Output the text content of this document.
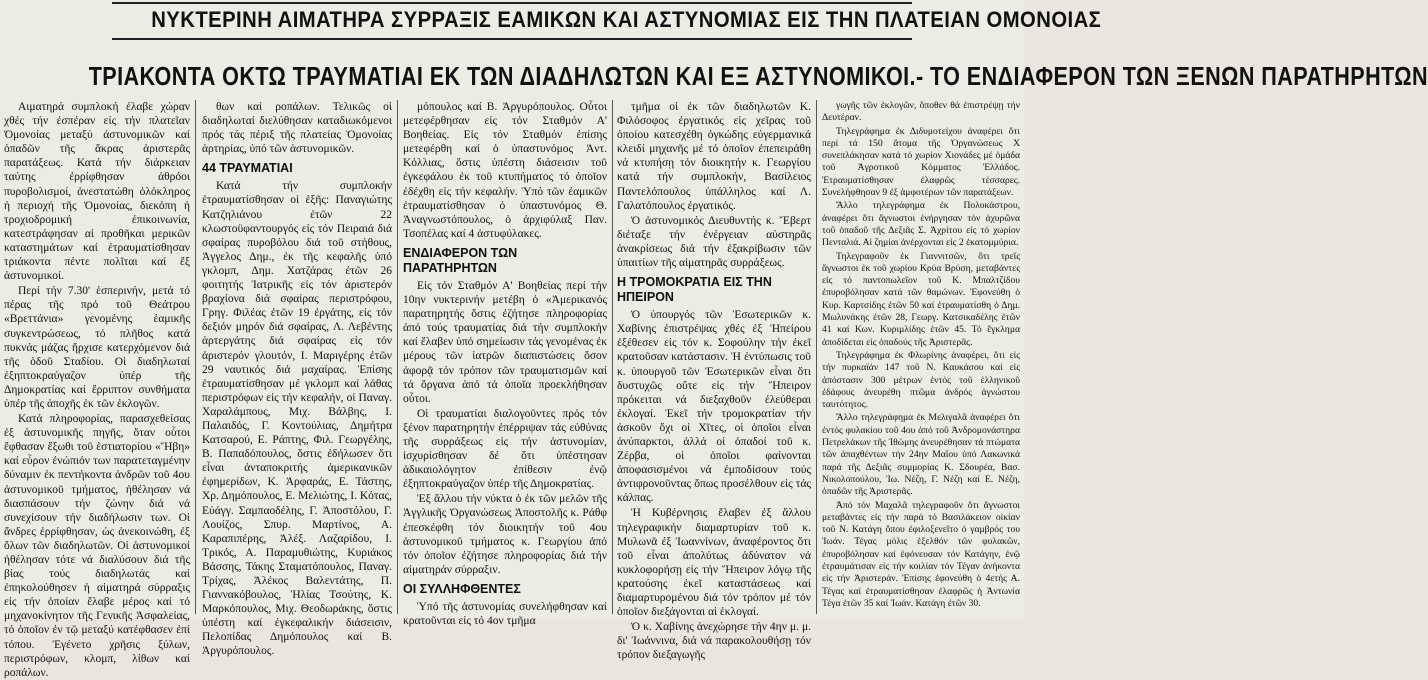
ΝΥΚΤΕΡΙΝΗ ΑΙΜΑΤΗΡΑ ΣΥΡΡΑΞΙΣ ΕΑΜΙΚΩΝ ΚΑΙ ΑΣΤΥΝΟΜΙΑΣ ΕΙΣ ΤΗΝ ΠΛΑΤΕΙΑΝ ΟΜΟΝΟΙΑΣ
ΤΡΙΑΚΟΝΤΑ ΟΚΤΩ ΤΡΑΥΜΑΤΙΑΙ ΕΚ ΤΩΝ ΔΙΑΔΗΛΩΤΩΝ ΚΑΙ ΕΞ ΑΣΤΥΝΟΜΙΚΟΙ.- ΤΟ ΕΝΔΙΑΦΕΡΟΝ ΤΩΝ ΞΕΝΩΝ ΠΑΡΑΤΗΡΗΤΩΝ

Αιματηρά συμπλοκή έλαβε χώραν χθές τήν έσπέραν είς τήν πλατεῖαν Ὁμονοίας μεταξύ ἀστυνομικῶν καί ὁπαδῶν τῆς ἄκρας ἀριστερᾶς παρατάξεως. Κατά τήν διάρκειαν ταύτης ἐρρίφθησαν ἀθρόοι πυροβολισμοί, ἀνεστατώθη ὁλόκληρος ἡ περιοχή τῆς Ὁμονοίας, διεκόπη ἡ τροχιοδρομική ἐπικοινωνία, κατεστράφησαν αἱ προθῆκαι μερικῶν καταστημάτων καί ἐτραυματίσθησαν τριάκοντα πέντε πολῖται καί ἕξ ἀστυνομικοί.

Περί τήν 7.30' ἑσπερινήν, μετά τό πέρας τῆς πρό τοῦ Θεάτρου «Βρεττάνια» γενομένης ἐαμικῆς συγκεντρώσεως, τό πλῆθος κατά πυκνάς μάζας ἤρχισε κατερχόμενον διά τῆς ὁδοῦ Σταδίου. Οἱ διαδηλωταί ἐξηπτοκραύγαζον ὑπέρ τῆς Δημοκρατίας καί ἔρριπτον συνθήματα ὑπέρ τῆς ἀποχῆς ἐκ τῶν ἐκλογῶν.

Κατά πληροφορίας, παρασχεθείσας ἐξ ἀστυνομικῆς πηγῆς, ὅταν οὗτοι ἔφθασαν ἔξωθι τοῦ ἑστιατορίου «Ἥβη» καί εὗρον ἐνώπιόν των παρατεταγμένην δύναμιν ἐκ πεντήκοντα ἀνδρῶν τοῦ 4ου ἀστυνομικοῦ τμήματος, ἠθέλησαν νά διασπάσουν τήν ζώνην διά νά συνεχίσουν τήν διαδήλωσιν των. Οἱ ἄνδρες ἐρρίφθησαν, ὡς ἀνεκοινώθη, ἐξ ὅλων τῶν διαδηλωτῶν. Οἱ ἀστυνομικοί ἠθέλησαν τότε νά διαλύσουν διά τῆς βίας τούς διαδηλωτάς καί ἐπηκολούθησεν ἡ αἱματηρά σύρραξις εἰς τήν ὁποίαν ἔλαβε μέρος καί τό μηχανοκίνητον τῆς Γενικῆς Ἀσφαλείας, τό ὁποῖον ἐν τῷ μεταξύ κατέφθασεν ἐπί τόπου. Ἐγένετο χρῆσις ξύλων, περιστρόφων, κλομπ, λίθων καί ροπάλων.

θων καί ροπάλων. Τελικῶς οἱ διαδηλωταί διελύθησαν καταδιωκόμενοι πρός τάς πέριξ τῆς πλατείας Ὁμονοίας ἀρτηρίας, ὑπό τῶν ἀστυνομικῶν.

44 ΤΡΑΥΜΑΤΙΑΙ

Κατά τήν συμπλοκήν ἐτραυματίσθησαν οἱ ἑξῆς: Παναγιώτης Κατζηλιάνου ἐτῶν 22 κλωστοϋφαντουργός εἰς τόν Πειραιά διά σφαίρας πυροβόλου διά τοῦ στήθους, Ἀγγελος Δημ., ἐκ τῆς κεφαλῆς ὑπό γκλομπ, Δημ. Χατζάρας ἐτῶν 26 φοιτητής Ἰατρικῆς εἰς τόν ἀριστερόν βραχίονα διά σφαίρας περιστρόφου, Γρηγ. Φιλέας ἐτῶν 19 ἐργάτης, εἰς τόν δεξιόν μηρόν διά σφαίρας, Λ. Λεβέντης ἀρτεργάτης διά σφαίρας εἰς τόν ἀριστερόν γλουτόν, Ι. Μαριγέρης ἐτῶν 29 ναυτικός διά μαχαίρας. Ἐπίσης ἐτραυματίσθησαν μέ γκλομπ καί λάθας περιστρόφων εἰς τήν κεφαλήν, οἱ Παναγ. Χαραλάμπους, Μιχ. Βάλβης, Ι. Παλαιδός, Γ. Κοντούλιας, Δημήτρα Κατσαρού, Ε. Ράπτης, Φιλ. Γεωργέλης, Β. Παπαδόπουλος, ὅστις ἐδήλωσεν ὅτι εἶναι ἀνταποκριτής ἀμερικανικῶν ἐφημερίδων, Κ. Ἀρφαράς, Ε. Τάστης, Χρ. Δημόπουλος, Ε. Μελιώτης, Ι. Κότας, Εὐάγγ. Σαμπαοδέλης, Γ. Ἀποστόλου, Γ. Λουίζος, Σπυρ. Μαρτίνος, Α. Καραπιπέρης, Ἀλέξ. Λαζαρίδου, Ι. Τρικός, Α. Παραμυθιώτης, Κυριάκος Βάσσης, Τάκης Σταματόπουλος, Παναγ. Τρίχας, Ἀλέκος Βαλεντάτης, Π. Γιαννακόβουλος, Ἠλίας Τσούτης, Κ. Μαρκόπουλος, Μιχ. Θεοδωράκης, ὅστις ὑπέστη καί ἐγκεφαλικήν διάσεισιν, Πελοπίδας Δημόπουλος καί Β. Ἀργυρόπουλος.

μόπουλος καί Β. Ἀργυρόπουλος. Οὗτοι μετεφέρθησαν εἰς τόν Σταθμόν Α' Βοηθείας. Εἰς τόν Σταθμόν ἐπίσης μετεφέρθη καί ὁ ὑπαστυνόμος Ἀντ. Κόλλιας, ὅστις ὑπέστη διάσεισιν τοῦ ἐγκεφάλου ἐκ τοῦ κτυπήματος τό ὁποῖον ἐδέχθη εἰς τήν κεφαλήν. Ὑπό τῶν ἐαμικῶν ἐτραυματίσθησαν ὁ ὑπαστυνόμος Θ. Ἀναγνωστόπουλος, ὁ ἀρχιφύλαξ Παν. Τσοπέλας καί 4 ἀστυφύλακες.

ΕΝΔΙΑΦΕΡΟΝ ΤΩΝ ΠΑΡΑΤΗΡΗΤΩΝ

Εἰς τόν Σταθμόν Α' Βοηθείας περί τήν 10ην νυκτερινήν μετέβη ὁ «Ἀμερικανός παρατηρητής ὅστις ἐζήτησε πληροφορίας ἀπό τούς τραυματίας διά τήν συμπλοκήν καί ἔλαβεν ὑπό σημείωσιν τάς γενομένας ἐκ μέρους τῶν ἰατρῶν διαπιστώσεις ὅσον ἀφορᾷ τόν τρόπον τῶν τραυματισμῶν καί τά ὄργανα ἀπό τά ὁποῖα προεκλήθησαν οὗτοι.

Οἱ τραυματίαι διαλογοῦντες πρός τόν ξένον παρατηρητήν ἐπέρριψαν τάς εὐθύνας τῆς συρράξεως εἰς τήν ἀστυνομίαν, ἰσχυρίσθησαν δέ ὅτι ὑπέστησαν ἀδικαιολόγητον ἐπίθεσιν ἐνῷ ἐξηπτοκραύγαζον ὑπέρ τῆς Δημοκρατίας.

Ἐξ ἄλλου τήν νύκτα ὁ ἐκ τῶν μελῶν τῆς Ἀγγλικῆς Ὀργανώσεως Ἀποστολῆς κ. Ράθφ ἐπεσκέφθη τόν διοικητήν τοῦ 4ου ἀστυνομικοῦ τμήματος κ. Γεωργίου ἀπό τόν ὁποῖον ἐζήτησε πληροφορίας διά τήν αἱματηράν σύρραξιν.

ΟΙ ΣΥΛΛΗΦΘΕΝΤΕΣ

Ὑπό τῆς ἀστυνομίας συνελήφθησαν καί κρατοῦνται εἰς τό 4ον τμῆμα

τμῆμα οἱ ἐκ τῶν διαδηλωτῶν Κ. Φιλόσοφος ἐργατικός εἰς χεῖρας τοῦ ὁποίου κατεσχέθη ὀγκώδης εὐγερμανικά κλειδί μηχανῆς μέ τό ὁποῖον ἐπεπειράθη νά κτυπήσῃ τόν διοικητήν κ. Γεωργίου κατά τήν συμπλοκήν, Βασίλειος Παντελόπουλος ὑπάλληλος καί Λ. Γαλατόπουλος ἐργατικός.

Ὁ ἀστυνομικός Διευθυντής κ. Ἔβερτ διέταξε τήν ἐνέργειαν αὐστηρᾶς ἀνακρίσεως διά τήν ἐξακρίβωσιν τῶν ὑπαιτίων τῆς αἱματηρᾶς συρράξεως.

Η ΤΡΟΜΟΚΡΑΤΙΑ ΕΙΣ ΤΗΝ ΗΠΕΙΡΟΝ

Ὁ ὑπουργός τῶν Ἐσωτερικῶν κ. Χαβίνης ἐπιστρέψας χθές ἐξ Ἠπείρου ἐξέθεσεν εἰς τόν κ. Σοφούλην τήν ἐκεῖ κρατοῦσαν κατάστασιν. Ἡ ἐντύπωσις τοῦ κ. ὑπουργοῦ τῶν Ἐσωτερικῶν εἶναι ὅτι δυστυχῶς οὔτε εἰς τήν Ἤπειρον πρόκειται νά διεξαχθοῦν ἐλεύθεραι ἐκλογαί. Ἐκεῖ τήν τρομοκρατίαν τήν ἀσκοῦν ὄχι οἱ Χῖτες, οἱ ὁποῖοι εἶναι ἀνύπαρκτοι, ἀλλά οἱ ὁπαδοί τοῦ κ. Ζέρβα, οἱ ὁποῖοι φαίνονται ἀποφασισμένοι νά ἐμποδίσουν τούς ἀντιφρονοῦντας ὅπως προσέλθουν εἰς τάς κάλπας.

Ἡ Κυβέρνησις ἔλαβεν ἐξ ἄλλου τηλεγραφικήν διαμαρτυρίαν τοῦ κ. Μυλωνᾶ ἐξ Ἰωαννίνων, ἀναφέροντος ὅτι τοῦ εἶναι ἀπολύτως ἀδύνατον νά κυκλοφορήσῃ εἰς τήν Ἤπειρον λόγῳ τῆς κρατούσης ἐκεῖ καταστάσεως καί διαμαρτυρομένου διά τόν τρόπον μέ τόν ὁποῖον διεξάγονται αἱ ἐκλογαί.

Ὁ κ. Χαβίνης ἀνεχώρησε τήν 4ην μ. μ. δι' Ἰωάννινα, διά νά παρακολουθήσῃ τόν τρόπον διεξαγωγῆς

γωγῆς τῶν ἐκλογῶν, ὅποθεν θά ἐπιστρέψῃ τήν Δευτέραν.

Τηλεγράφημα ἐκ Διδυμοτείχου ἀναφέρει ὅτι περί τά 150 ἄτομα τῆς Ὀργανώσεως Χ συνεπλάκησαν κατά τό χωρίον Χιονάδες μέ ὁμάδα τοῦ Ἀγροτικοῦ Κόμματος Ἑλλάδος. Ἐτραυματίσθησαν ἐλαφρῶς τέσσαρες. Συνελήφθησαν 9 ἐξ ἀμφοτέρων τῶν παρατάξεων.

Ἄλλο τηλεγράφημα ἐκ Πολυκάστρου, ἀναφέρει ὅτι ἄγνωστοι ἐνήργησαν τόν ἀχυρῶνα τοῦ ὁπαδοῦ τῆς Δεξιᾶς Σ. Ἀχρίτου εἰς τό χωρίον Πενταλιά. Αἱ ζημίαι ἀνέρχονται εἰς 2 ἑκατομμύρια.

Τηλεγραφοῦν ἐκ Γιαννιτσῶν, ὅτι τρεῖς ἄγνωστοι ἐκ τοῦ χωρίου Κρύα Βρύση, μεταβάντες εἰς τό παντοπωλεῖον τοῦ Κ. Μπαλτζίδου ἐπυροβόλησαν κατά τῶν θαμώνων. Ἐφονεύθη ὁ Κυρ. Καρτσίδης ἐτῶν 50 καί ἐτραυματίσθη ὁ Δημ. Μωλυνάκης ἐτῶν 28, Γεωργ. Κατσικαδέλης ἐτῶν 41 καί Κων. Κυριμλίδης ἐτῶν 45. Τό ἔγκλημα ἀποδίδεται εἰς ὁπαδούς τῆς Ἀριστερᾶς.

Τηλεγράφημα ἐκ Φλωρίνης ἀναφέρει, ὅτι εἰς τήν πυρκαϊάν 147 τοῦ Ν. Καυκάσου καί εἰς ἀπόστασιν 300 μέτρων ἐντός τοῦ ἑλληνικοῦ ἐδάφους ἀνευρέθη πτῶμα ἀνδρός ἀγνώστου ταυτότητος.

Ἄλλο τηλεγράφημα ἐκ Μελιγαλᾶ ἀναφέρει ὅτι ἐντός φυλακίου τοῦ 4ου ἀπό τοῦ Ἀνδρομονάστηρα Πετρελάκων τῆς Ἰθώμης ἀνευρέθησαν τά πτώματα τῶν ἀπαχθέντων τήν 24ην Μαΐου ὑπό Λακωνικά παρά τῆς Δεξιᾶς συμμορίας Κ. Σδουρέα, Βασ. Νικολοπούλου, Ἰω. Νέζη, Γ. Νέζη καί Ε. Νέζη, ὁπαδῶν τῆς Ἀριστερᾶς.

Ἀπό τόν Μαχαλᾶ τηλεγραφοῦν ὅτι ἄγνωστοι μεταβάντες εἰς τήν παρά τό Βασιλάκειον οἰκίαν τοῦ Ν. Κατάγη ὅπου ἐφιλοξενεῖτο ὁ γαμβρός του Ἰωάν. Τέγας μόλις ἐξελθόν τῶν φυλακῶν, ἐπυροβόλησαν καί ἐφόνευσαν τόν Κατάγην, ἐνῷ ἐτραυμάτισαν εἰς τήν κοιλίαν τόν Τέγαν ἀνήκοντα εἰς τήν Ἀριστεράν. Ἐπίσης ἐφονεύθη ὁ 4ετής Α. Τέγας καί ἐτραυματίσθησαν ἐλαφρῶς ἡ Ἀντωνία Τέγα ἐτῶν 35 καί Ἰωάν. Κατάγη ἐτῶν 30.
